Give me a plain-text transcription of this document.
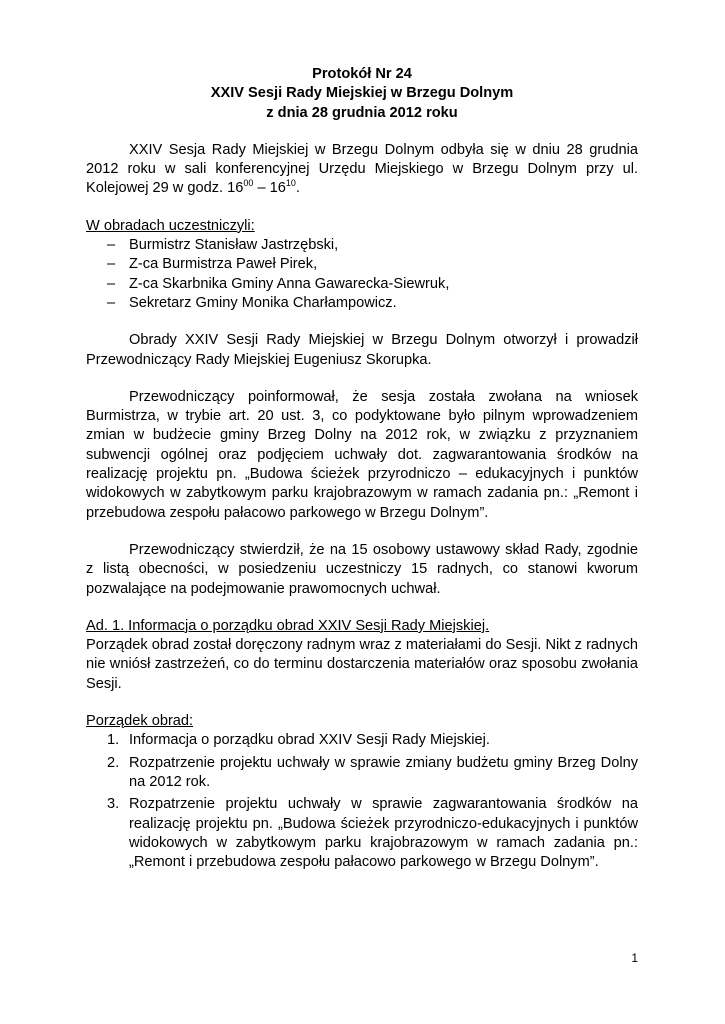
Protokół Nr 24
XXIV Sesji Rady Miejskiej w Brzegu Dolnym
z dnia 28 grudnia 2012 roku

XXIV Sesja Rady Miejskiej w Brzegu Dolnym odbyła się w dniu 28 grudnia 2012 roku w sali konferencyjnej Urzędu Miejskiego w Brzegu Dolnym przy ul. Kolejowej 29 w godz. $16^{00} - 16^{10}$.

W obradach uczestniczyli:
– Burmistrz Stanisław Jastrzębski,
– Z-ca Burmistrza Paweł Pirek,
– Z-ca Skarbnika Gminy Anna Gawarecka-Siewruk,
– Sekretarz Gminy Monika Charłampowicz.

Obrady XXIV Sesji Rady Miejskiej w Brzegu Dolnym otworzył i prowadził Przewodniczący Rady Miejskiej Eugeniusz Skorupka.

Przewodniczący poinformował, że sesja została zwołana na wniosek Burmistrza, w trybie art. 20 ust. 3, co podyktowane było pilnym wprowadzeniem zmian w budżecie gminy Brzeg Dolny na 2012 rok, w związku z przyznaniem subwencji ogólnej oraz podjęciem uchwały dot. zagwarantowania środków na realizację projektu pn. „Budowa ścieżek przyrodniczo – edukacyjnych i punktów widokowych w zabytkowym parku krajobrazowym w ramach zadania pn.: „Remont i przebudowa zespołu pałacowo parkowego w Brzegu Dolnym”.

Przewodniczący stwierdził, że na 15 osobowy ustawowy skład Rady, zgodnie z listą obecności, w posiedzeniu uczestniczy 15 radnych, co stanowi kworum pozwalające na podejmowanie prawomocnych uchwał.

Ad. 1. Informacja o porządku obrad XXIV Sesji Rady Miejskiej.

Porządek obrad został doręczony radnym wraz z materiałami do Sesji. Nikt z radnych nie wniósł zastrzeżeń, co do terminu dostarczenia materiałów oraz sposobu zwołania Sesji.

Porządek obrad:
1. Informacja o porządku obrad XXIV Sesji Rady Miejskiej.
2. Rozpatrzenie projektu uchwały w sprawie zmiany budżetu gminy Brzeg Dolny na 2012 rok.
3. Rozpatrzenie projektu uchwały w sprawie zagwarantowania środków na realizację projektu pn. „Budowa ścieżek przyrodniczo-edukacyjnych i punktów widokowych w zabytkowym parku krajobrazowym w ramach zadania pn.: „Remont i przebudowa zespołu pałacowo parkowego w Brzegu Dolnym”.
1
